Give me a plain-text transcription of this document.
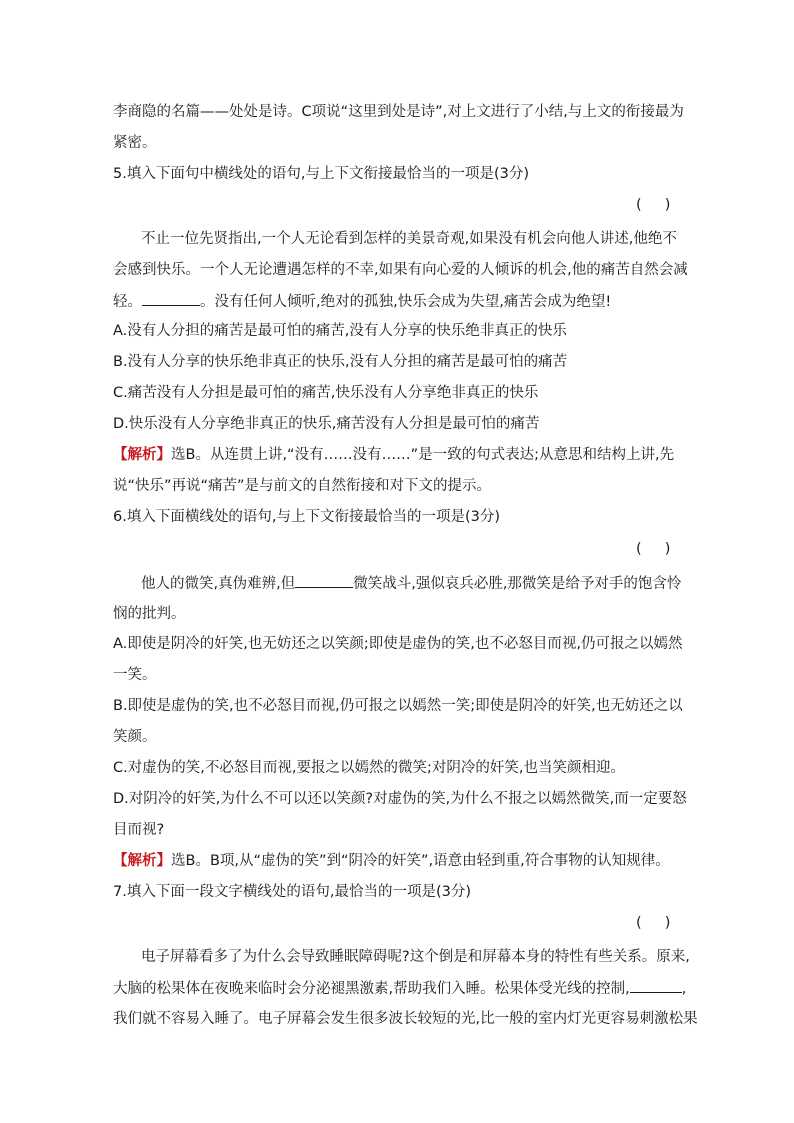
李商隐的名篇——处处是诗。C项说“这里到处是诗”,对上文进行了小结,与上文的衔接最为
紧密。
5.填入下面句中横线处的语句,与上下文衔接最恰当的一项是(3分)
(     )
不止一位先贤指出,一个人无论看到怎样的美景奇观,如果没有机会向他人讲述,他绝不
会感到快乐。一个人无论遭遇怎样的不幸,如果有向心爱的人倾诉的机会,他的痛苦自然会减
轻。	。没有任何人倾听,绝对的孤独,快乐会成为失望,痛苦会成为绝望!
A.没有人分担的痛苦是最可怕的痛苦,没有人分享的快乐绝非真正的快乐
B.没有人分享的快乐绝非真正的快乐,没有人分担的痛苦是最可怕的痛苦
C.痛苦没有人分担是最可怕的痛苦,快乐没有人分享绝非真正的快乐
D.快乐没有人分享绝非真正的快乐,痛苦没有人分担是最可怕的痛苦
【解析】选B。从连贯上讲,“没有……没有……”是一致的句式表达;从意思和结构上讲,先
说“快乐”再说“痛苦”是与前文的自然衔接和对下文的提示。
6.填入下面横线处的语句,与上下文衔接最恰当的一项是(3分)
(     )
他人的微笑,真伪难辨,但	微笑战斗,强似哀兵必胜,那微笑是给予对手的饱含怜
悯的批判。
A.即使是阴冷的奸笑,也无妨还之以笑颜;即使是虚伪的笑,也不必怒目而视,仍可报之以嫣然
一笑。
B.即使是虚伪的笑,也不必怒目而视,仍可报之以嫣然一笑;即使是阴冷的奸笑,也无妨还之以
笑颜。
C.对虚伪的笑,不必怒目而视,要报之以嫣然的微笑;对阴冷的奸笑,也当笑颜相迎。
D.对阴冷的奸笑,为什么不可以还以笑颜?对虚伪的笑,为什么不报之以嫣然微笑,而一定要怒
目而视?
【解析】选B。B项,从“虚伪的笑”到“阴冷的奸笑”,语意由轻到重,符合事物的认知规律。
7.填入下面一段文字横线处的语句,最恰当的一项是(3分)
(     )
电子屏幕看多了为什么会导致睡眠障碍呢?这个倒是和屏幕本身的特性有些关系。原来,
大脑的松果体在夜晚来临时会分泌褪黑激素,帮助我们入睡。松果体受光线的控制,	,
我们就不容易入睡了。电子屏幕会发生很多波长较短的光,比一般的室内灯光更容易刺激松果
